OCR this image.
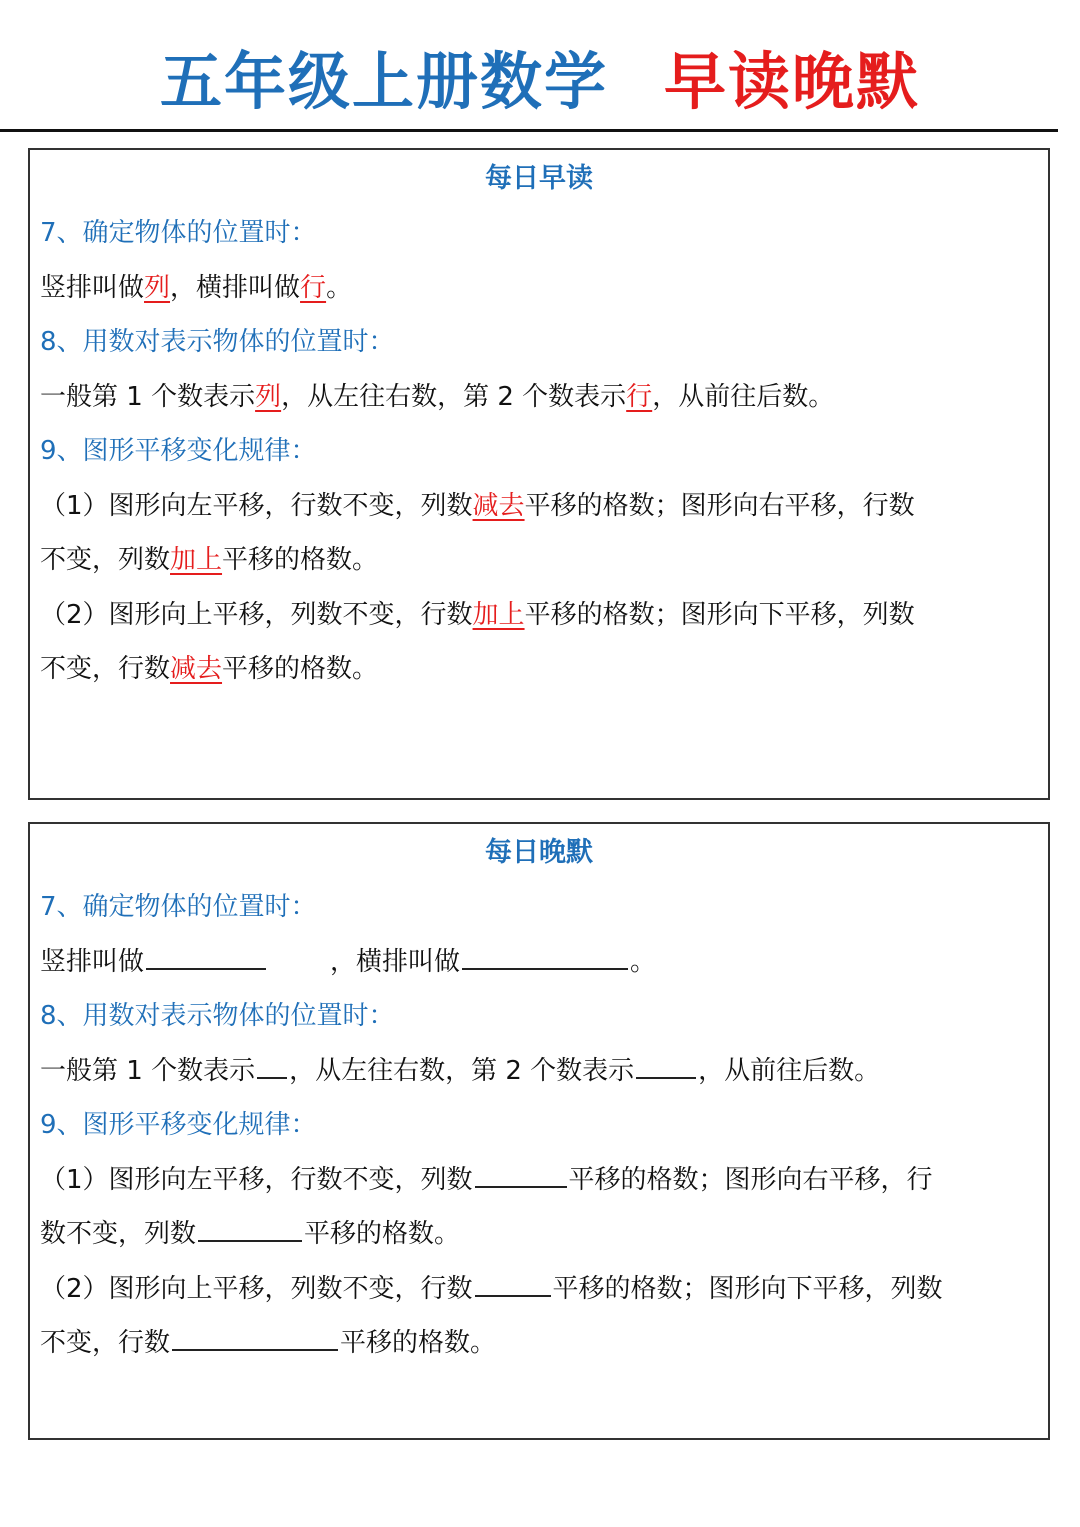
五年级上册数学 早读晚默
每日早读
7、确定物体的位置时：
竖排叫做列，横排叫做行。
8、用数对表示物体的位置时：
一般第 1 个数表示列，从左往右数，第 2 个数表示行，从前往后数。
9、图形平移变化规律：
（1）图形向左平移，行数不变，列数减去平移的格数；图形向右平移，行数
不变，列数加上平移的格数。
（2）图形向上平移，列数不变，行数加上平移的格数；图形向下平移，列数
不变，行数减去平移的格数。
每日晚默
7、确定物体的位置时：
竖排叫做	，横排叫做	。
8、用数对表示物体的位置时：
一般第 1 个数表示 ，从左往右数，第 2 个数表示 ，从前往后数。
9、图形平移变化规律：
（1）图形向左平移，行数不变，列数	平移的格数；图形向右平移，行
数不变，列数	平移的格数。
（2）图形向上平移，列数不变，行数	平移的格数；图形向下平移，列数
不变，行数	平移的格数。
